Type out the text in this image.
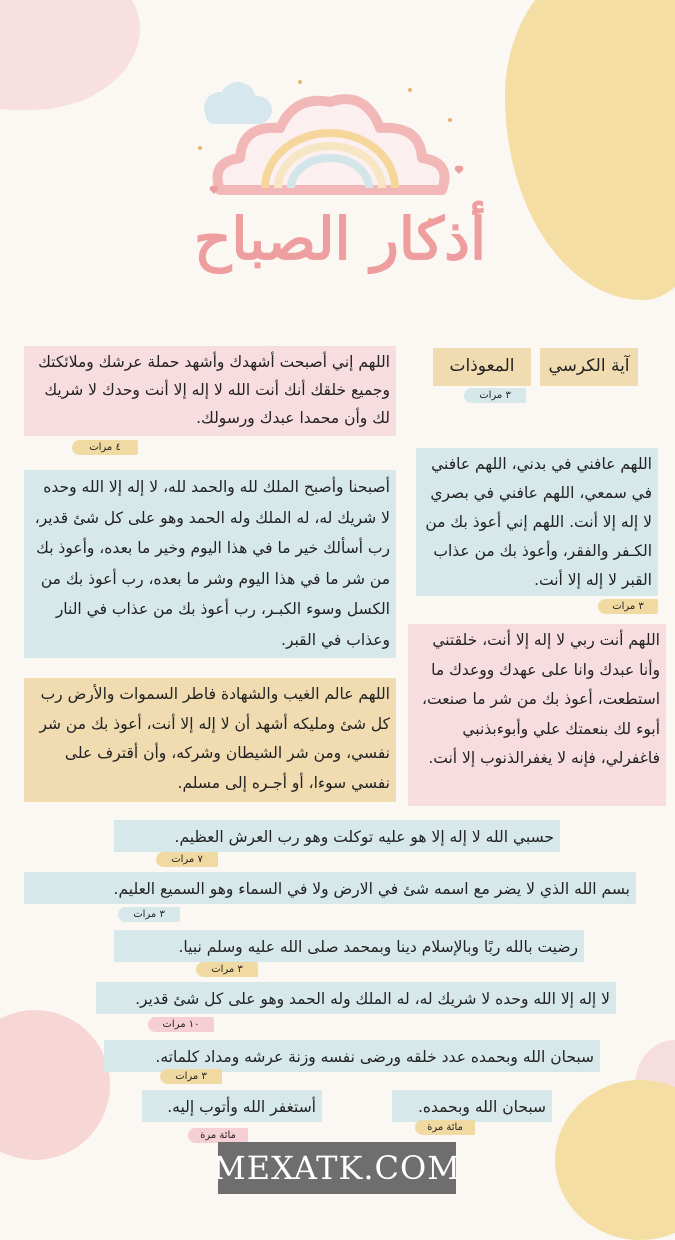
أذكار الصباح
آية الكرسي
المعوذات
٣ مرات
اللهم إني أصبحت أشهدك وأشهد حملة عرشك وملائكتك وجميع خلقك أنك أنت الله لا إله إلا أنت وحدك لا شريك لك وأن محمدا عبدك ورسولك.
٤ مرات
أصبحنا وأصبح الملك لله والحمد لله، لا إله إلا الله وحده لا شريك له، له الملك وله الحمد وهو على كل شئ قدير، رب أسألك خير ما في هذا اليوم وخير ما بعده، وأعوذ بك من شر ما في هذا اليوم وشر ما بعده، رب أعوذ بك من الكسل وسوء الكبـر، رب أعوذ بك من عذاب في النار وعذاب في القبر.
اللهم عالم الغيب والشهادة فاطر السموات والأرض رب كل شئ ومليكه أشهد أن لا إله إلا أنت، أعوذ بك من شر نفسي، ومن شر الشيطان وشركه، وأن أقترف على نفسي سوءا، أو أجـره إلى مسلم.
اللهم عافني في بدني، اللهم عافني في سمعي، اللهم عافني في بصري لا إله إلا أنت. اللهم إني أعوذ بك من الكـفر والفقر، وأعوذ بك من عذاب القبر لا إله إلا أنت.
٣ مرات
اللهم أنت ربي لا إله إلا أنت، خلقتني وأنا عبدك وانا على عهدك ووعدك ما استطعت، أعوذ بك من شر ما صنعت، أبوء لك بنعمتك علي وأبوءبذنبي فاغفرلي، فإنه لا يغفرالذنوب إلا أنت.
حسبي الله لا إله إلا هو عليه توكلت وهو رب العرش العظيم.
٧ مرات
بسم الله الذي لا يضر مع اسمه شئ في الارض ولا في السماء وهو السميع العليم.
٣ مرات
رضيت بالله ربًا وبالإسلام دينا وبمحمد صلى الله عليه وسلم نبيا.
٣ مرات
لا إله إلا الله وحده لا شريك له، له الملك وله الحمد وهو على كل شئ قدير.
١٠ مرات
سبحان الله وبحمده عدد خلقه ورضى نفسه وزنة عرشه ومداد كلماته.
٣ مرات
أستغفر الله وأتوب إليه.
مائة مرة
سبحان الله وبحمده.
مائة مرة
MEXATK.COM
